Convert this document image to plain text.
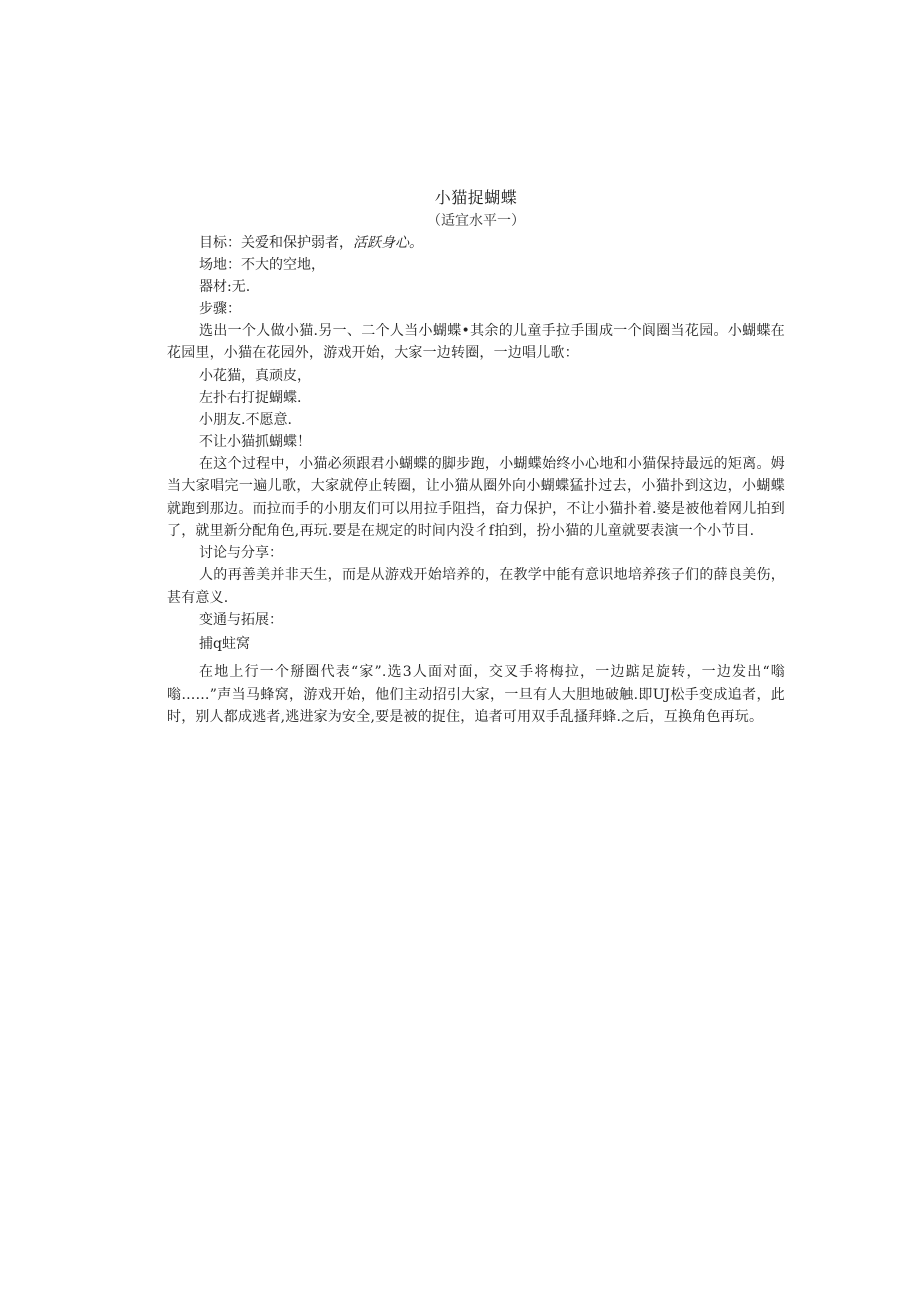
小猫捉蝴蝶

（适宜水平一）

目标：关爱和保护弱者，活跃身心。

场地：不大的空地，

器材:无.

步骤：

选出一个人做小猫.另一、二个人当小蝴蝶•其余的儿童手拉手围成一个阆圈当花园。小蝴蝶在花园里，小猫在花园外，游戏开始，大家一边转圈，一边唱儿歌：

小花猫，真顽皮，

左扑右打捉蝴蝶.

小朋友.不愿意.

不让小猫抓蝴蝶！

在这个过程中，小猫必须跟君小蝴蝶的脚步跑，小蝴蝶始终小心地和小猫保持最远的矩离。姆当大家唱完一遍儿歌，大家就停止转圈，让小猫从圈外向小蝴蝶猛扑过去，小猫扑到这边，小蝴蝶就跑到那边。而拉而手的小朋友们可以用拉手阻挡，奋力保护，不让小猫扑着.婆是被他着网儿拍到了，就里新分配角色,再玩.要是在规定的时间内没彳f拍到，扮小猫的儿童就要表演一个小节目.

讨论与分享：

人的再善美并非天生，而是从游戏开始培养的，在教学中能有意识地培养孩子们的薛良美伤，甚有意义.

变通与拓展：

捕q蛀窝

在地上行一个掰圈代表“家”.选3人面对面，交叉手将梅拉，一边踮足旋转，一边发出“嗡嗡……”声当马蜂窝，游戏开始，他们主动招引大家，一旦有人大胆地破触.即UJ松手变成追者，此时，别人都成逃者,逃进家为安全,要是被的捉住，追者可用双手乱搔拜蜂.之后，互换角色再玩。
